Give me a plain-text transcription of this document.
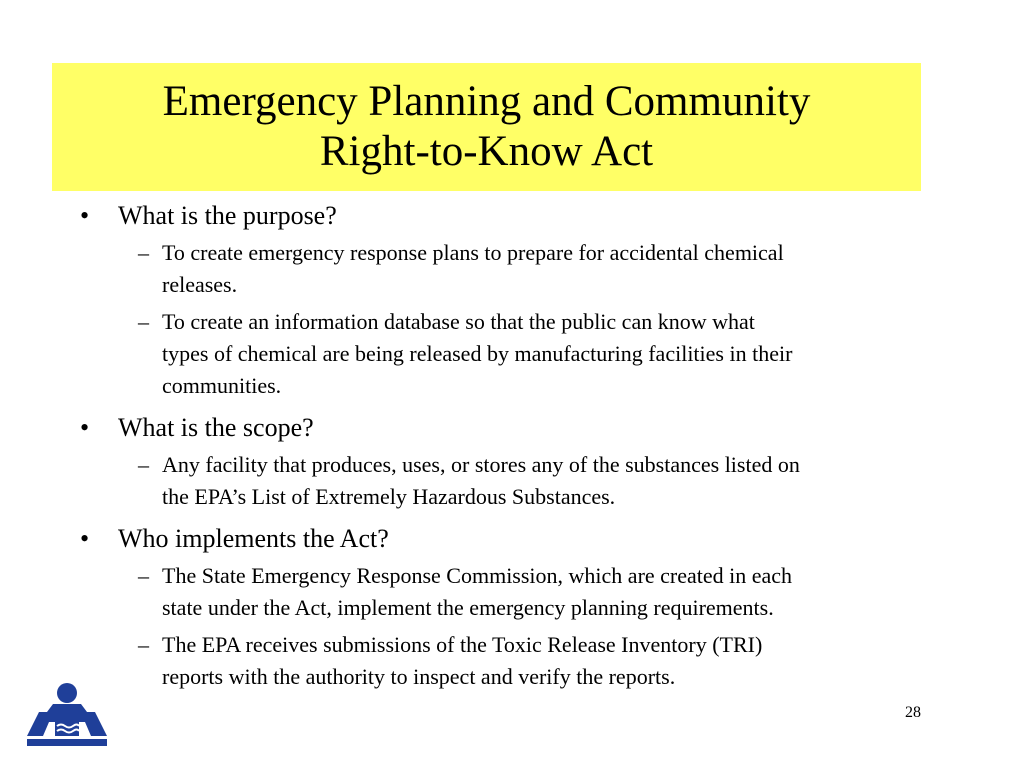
Emergency Planning and Community
Right-to-Know Act
• What is the purpose?
– To create emergency response plans to prepare for accidental chemical
releases.
– To create an information database so that the public can know what
types of chemical are being released by manufacturing facilities in their
communities.
• What is the scope?
– Any facility that produces, uses, or stores any of the substances listed on
the EPA’s List of Extremely Hazardous Substances.
• Who implements the Act?
– The State Emergency Response Commission, which are created in each
state under the Act, implement the emergency planning requirements.
– The EPA receives submissions of the Toxic Release Inventory (TRI)
reports with the authority to inspect and verify the reports.
28
